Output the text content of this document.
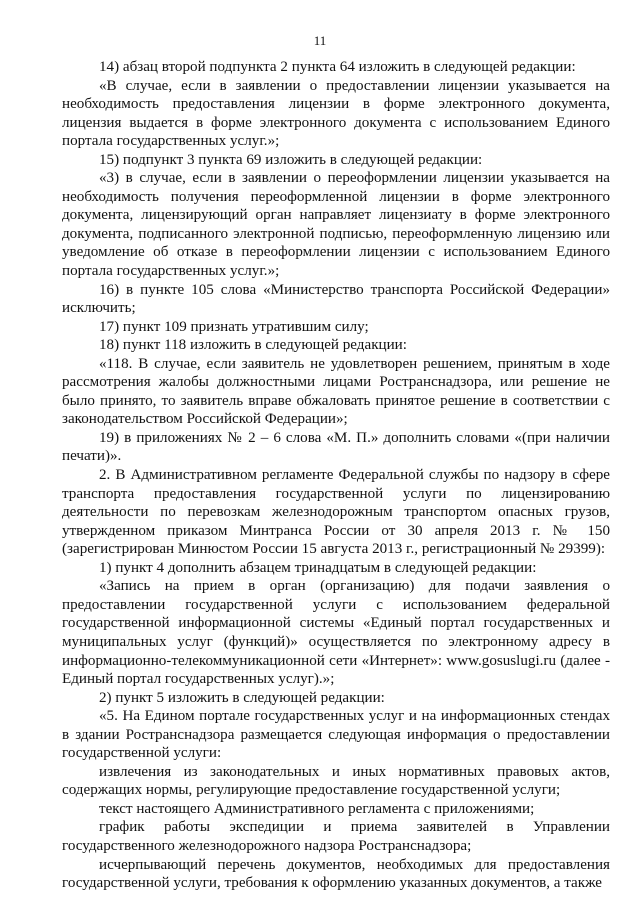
11

14) абзац второй подпункта 2 пункта 64 изложить в следующей редакции:

«В случае, если в заявлении о предоставлении лицензии указывается на необходимость предоставления лицензии в форме электронного документа, лицензия выдается в форме электронного документа с использованием Единого портала государственных услуг.»;

15) подпункт 3 пункта 69 изложить в следующей редакции:

«3) в случае, если в заявлении о переоформлении лицензии указывается на необходимость получения переоформленной лицензии в форме электронного документа, лицензирующий орган направляет лицензиату в форме электронного документа, подписанного электронной подписью, переоформленную лицензию или уведомление об отказе в переоформлении лицензии с использованием Единого портала государственных услуг.»;

16) в пункте 105 слова «Министерство транспорта Российской Федерации» исключить;

17) пункт 109 признать утратившим силу;

18) пункт 118 изложить в следующей редакции:

«118. В случае, если заявитель не удовлетворен решением, принятым в ходе рассмотрения жалобы должностными лицами Ространснадзора, или решение не было принято, то заявитель вправе обжаловать принятое решение в соответствии с законодательством Российской Федерации»;

19) в приложениях № 2 – 6 слова «М. П.» дополнить словами «(при наличии печати)».

2. В Административном регламенте Федеральной службы по надзору в сфере транспорта предоставления государственной услуги по лицензированию деятельности по перевозкам железнодорожным транспортом опасных грузов, утвержденном приказом Минтранса России от 30 апреля 2013 г. № 150 (зарегистрирован Минюстом России 15 августа 2013 г., регистрационный № 29399):

1) пункт 4 дополнить абзацем тринадцатым в следующей редакции:

«Запись на прием в орган (организацию) для подачи заявления о предоставлении государственной услуги с использованием федеральной государственной информационной системы «Единый портал государственных и муниципальных услуг (функций)» осуществляется по электронному адресу в информационно-телекоммуникационной сети «Интернет»: www.gosuslugi.ru (далее - Единый портал государственных услуг).»;

2) пункт 5 изложить в следующей редакции:

«5. На Едином портале государственных услуг и на информационных стендах в здании Ространснадзора размещается следующая информация о предоставлении государственной услуги:

извлечения из законодательных и иных нормативных правовых актов, содержащих нормы, регулирующие предоставление государственной услуги;

текст настоящего Административного регламента с приложениями;

график работы экспедиции и приема заявителей в Управлении государственного железнодорожного надзора Ространснадзора;

исчерпывающий перечень документов, необходимых для предоставления государственной услуги, требования к оформлению указанных документов, а также
